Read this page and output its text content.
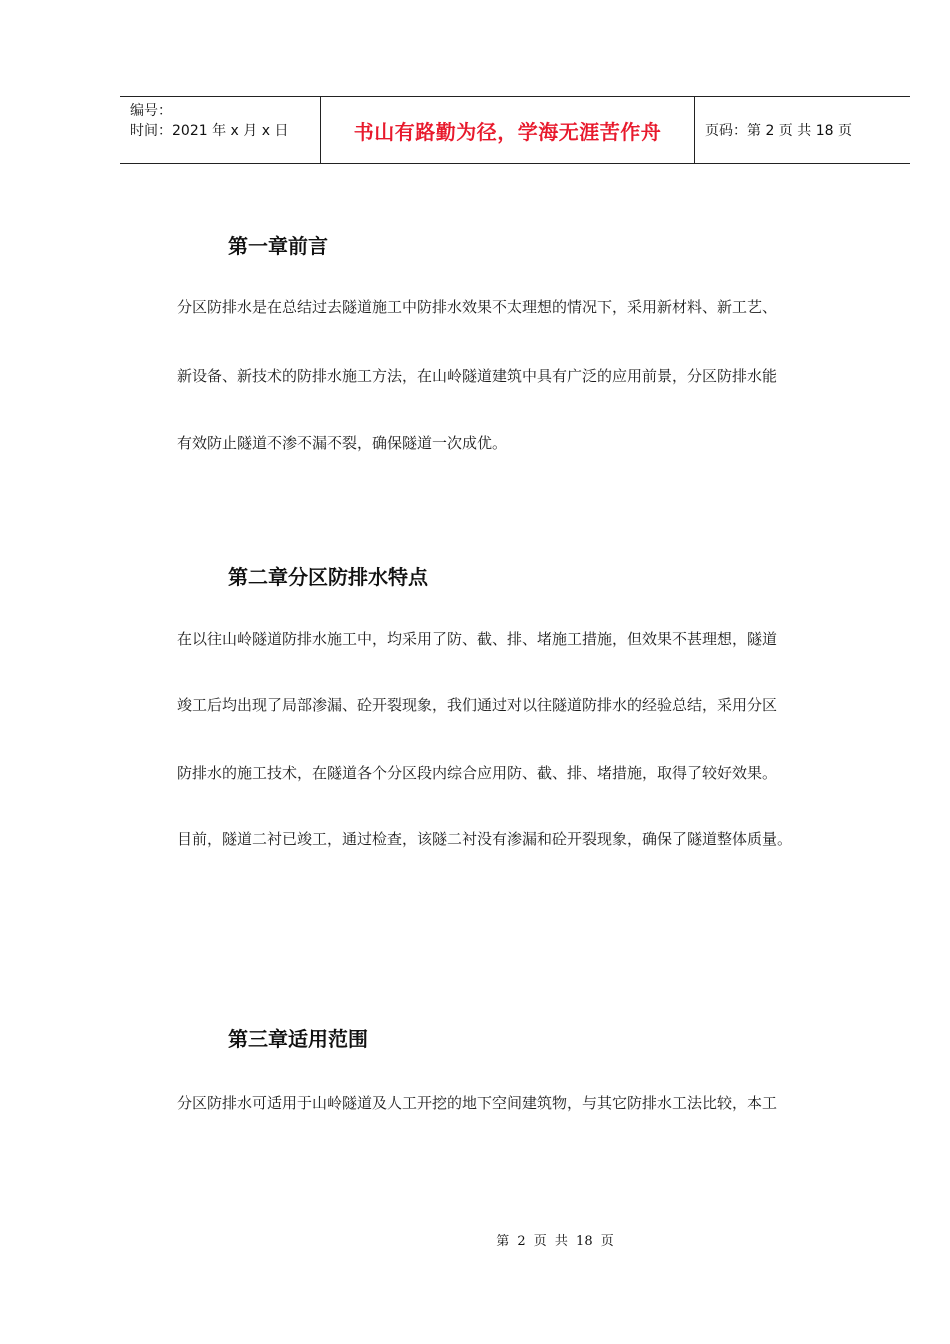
编号：
时间：2021 年 x 月 x 日	书山有路勤为径，学海无涯苦作舟	页码：第 2 页 共 18 页
第一章前言
分区防排水是在总结过去隧道施工中防排水效果不太理想的情况下，采用新材料、新工艺、
新设备、新技术的防排水施工方法，在山岭隧道建筑中具有广泛的应用前景，分区防排水能
有效防止隧道不渗不漏不裂，确保隧道一次成优。
第二章分区防排水特点
在以往山岭隧道防排水施工中，均采用了防、截、排、堵施工措施，但效果不甚理想，隧道
竣工后均出现了局部渗漏、砼开裂现象，我们通过对以往隧道防排水的经验总结，采用分区
防排水的施工技术，在隧道各个分区段内综合应用防、截、排、堵措施，取得了较好效果。
目前，隧道二衬已竣工，通过检查，该隧二衬没有渗漏和砼开裂现象，确保了隧道整体质量。
第三章适用范围
分区防排水可适用于山岭隧道及人工开挖的地下空间建筑物，与其它防排水工法比较，本工
第 2 页 共 18 页
